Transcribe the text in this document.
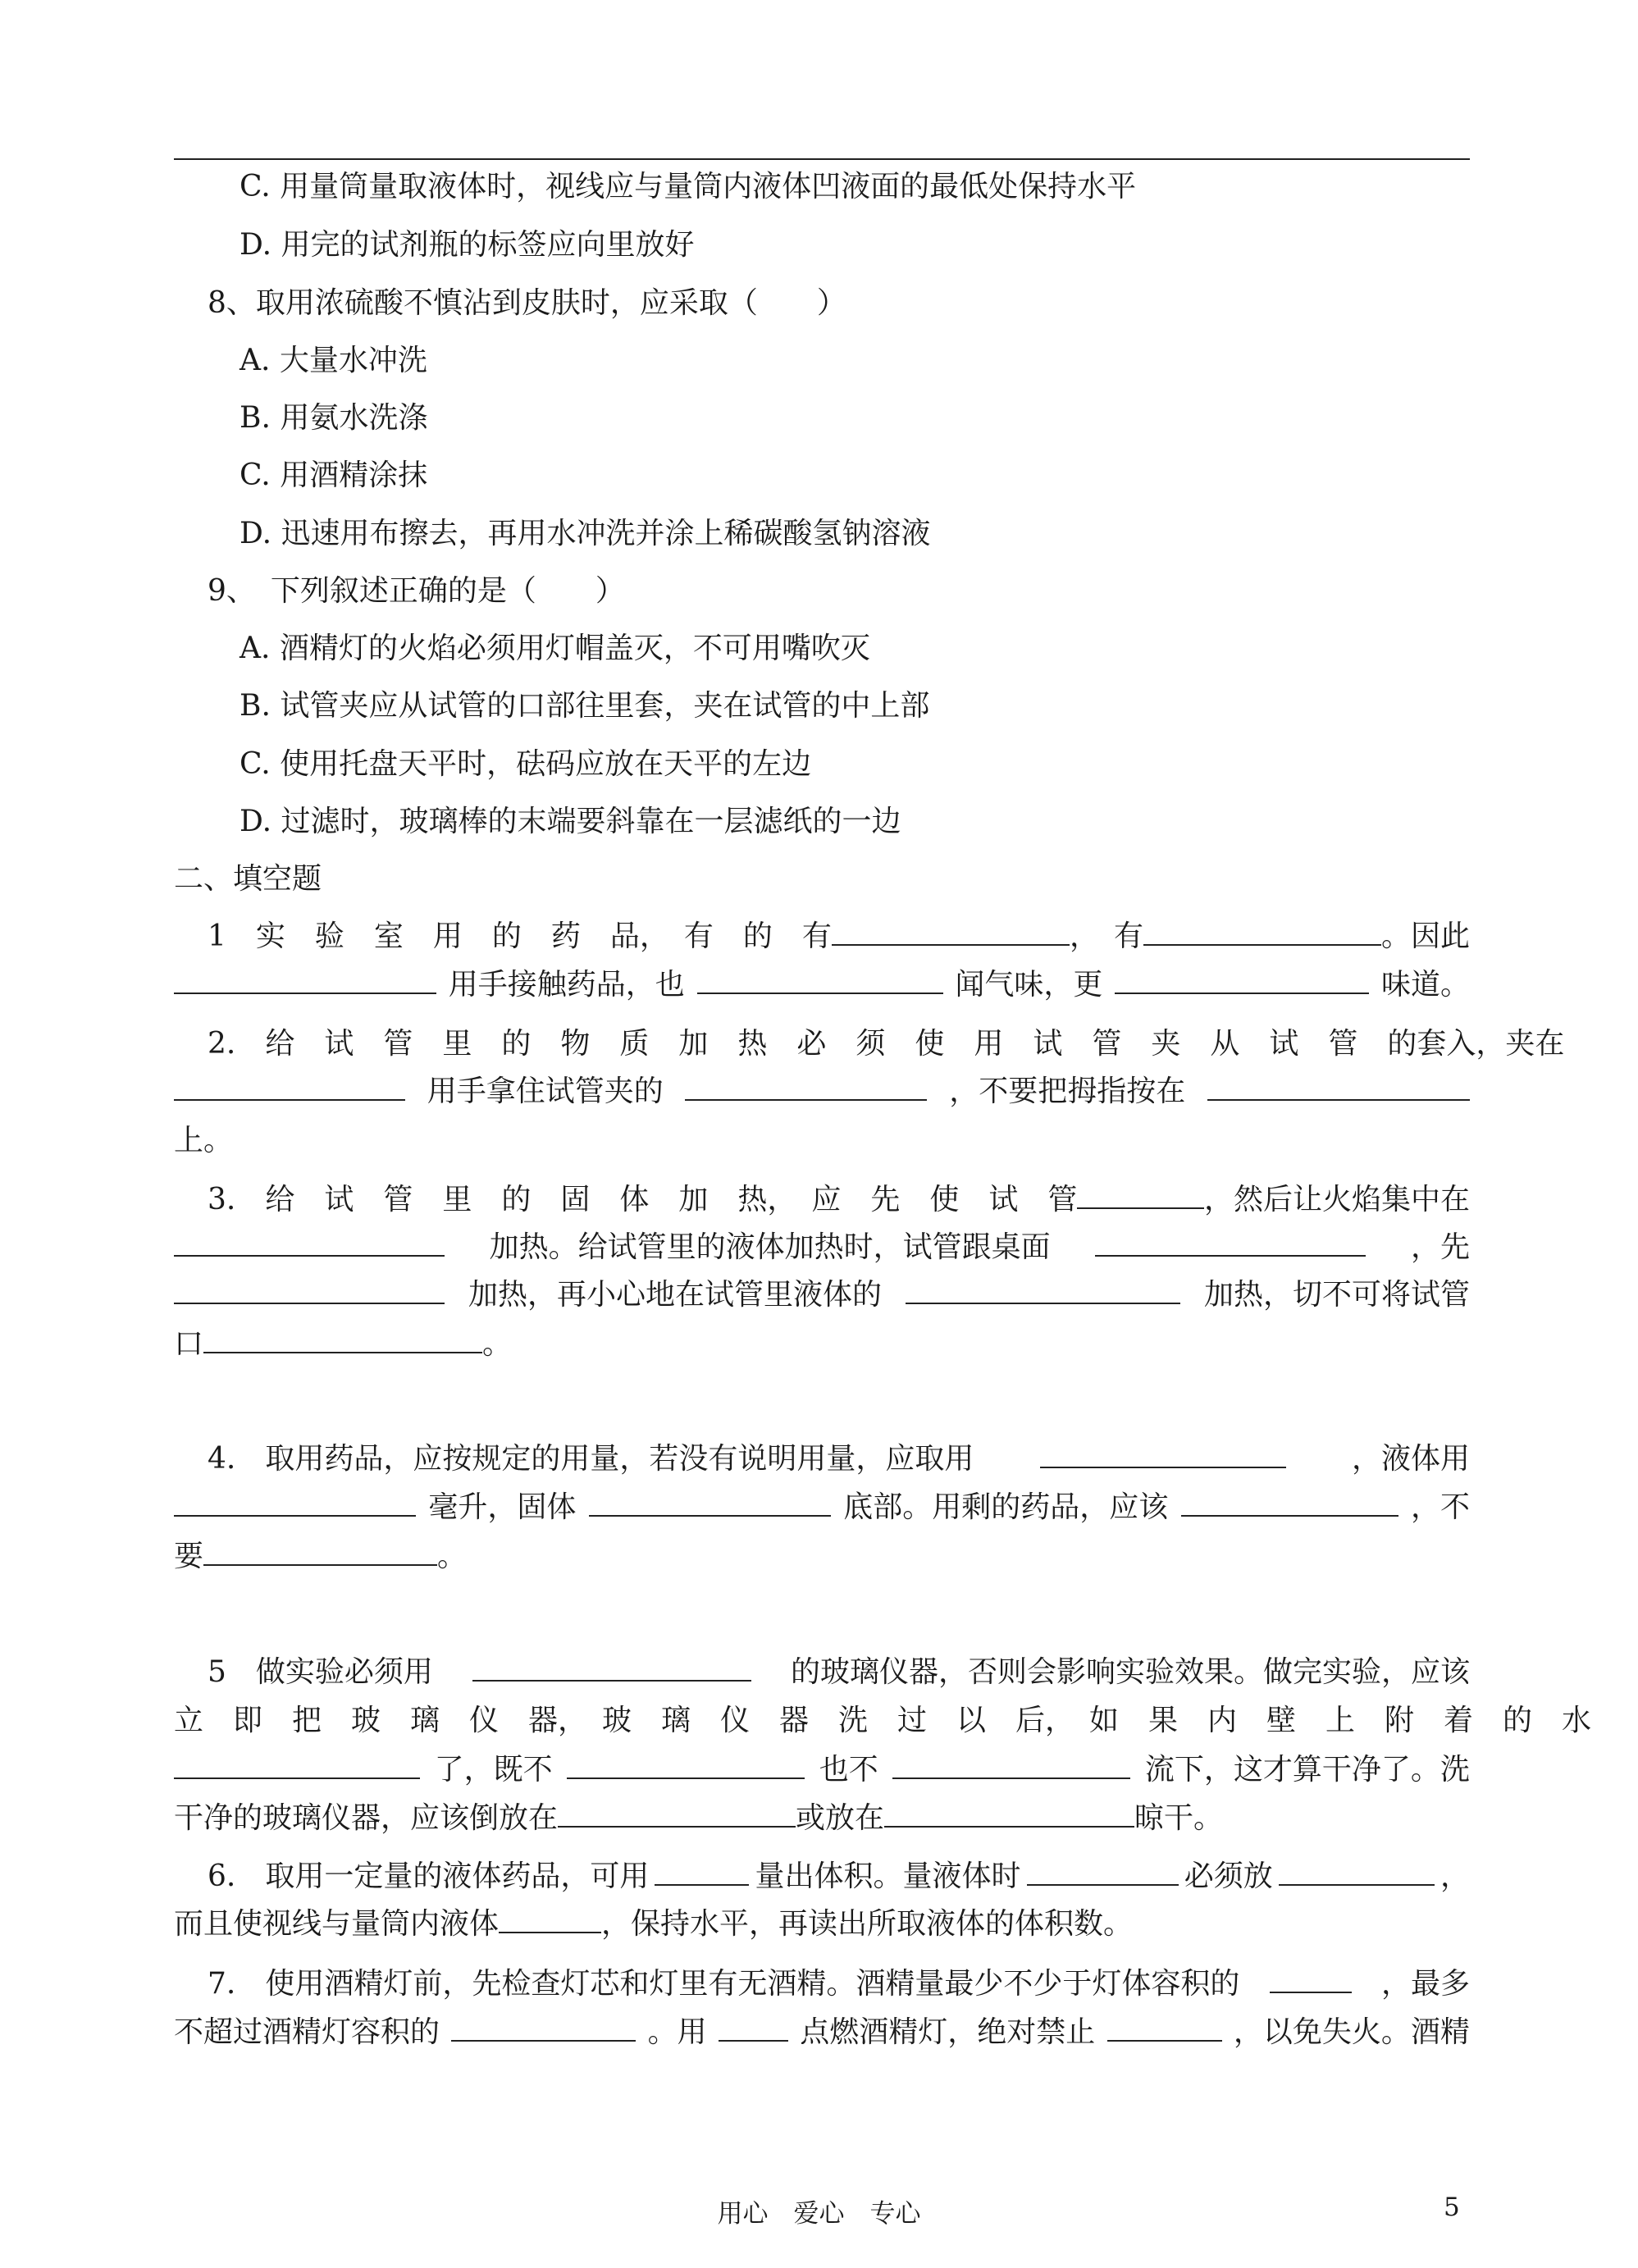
C. 用量筒量取液体时，视线应与量筒内液体凹液面的最低处保持水平
D. 用完的试剂瓶的标签应向里放好
8、取用浓硫酸不慎沾到皮肤时，应采取（　　）
A. 大量水冲洗
B. 用氨水洗涤
C. 用酒精涂抹
D. 迅速用布擦去，再用水冲洗并涂上稀碳酸氢钠溶液
9、　下列叙述正确的是（　　）
A. 酒精灯的火焰必须用灯帽盖灭，不可用嘴吹灭
B. 试管夹应从试管的口部往里套，夹在试管的中上部
C. 使用托盘天平时，砝码应放在天平的左边
D. 过滤时，玻璃棒的末端要斜靠在一层滤纸的一边
二、填空题
1　实　验　室　用　的　药　品，　有　的　有	，　有	。因此
用手接触药品，也	闻气味，更	味道。
2.　给　试　管　里　的　物　质　加　热　必　须　使　用　试　管　夹　从　试　管　的 套入，夹在
用手拿住试管夹的	，不要把拇指按在
上。
3.　给　试　管　里　的　固　体　加　热，　应　先　使　试　管	，然后让火焰集中在
加热。给试管里的液体加热时，试管跟桌面	，先
加热，再小心地在试管里液体的	加热，切不可将试管
口	。
4.　取用药品，应按规定的用量，若没有说明用量，应取用	，液体用
毫升，固体	底部。用剩的药品，应该	，不
要	。
5　做实验必须用	的玻璃仪器，否则会影响实验效果。做完实验，应该
立　即　把　玻　璃　仪　器 ，　玻　璃　仪　器　洗　过　以　后，　如　果　内　壁　上　附　着　的　水
了，既不	也不	流下，这才算干净了。洗
干净的玻璃仪器，应该倒放在	或放在	晾干。
6.　取用一定量的液体药品，可用	量出体积。量液体时	必须放	，
而且使视线与量筒内液体	，保持水平，再读出所取液体的体积数。
7.　使用酒精灯前，先检查灯芯和灯里有无酒精。酒精量最少不少于灯体容积的	，最多
不超过酒精灯容积的	。用	点燃酒精灯，绝对禁止	，以免失火。酒精
用心　爱心　专心	5
